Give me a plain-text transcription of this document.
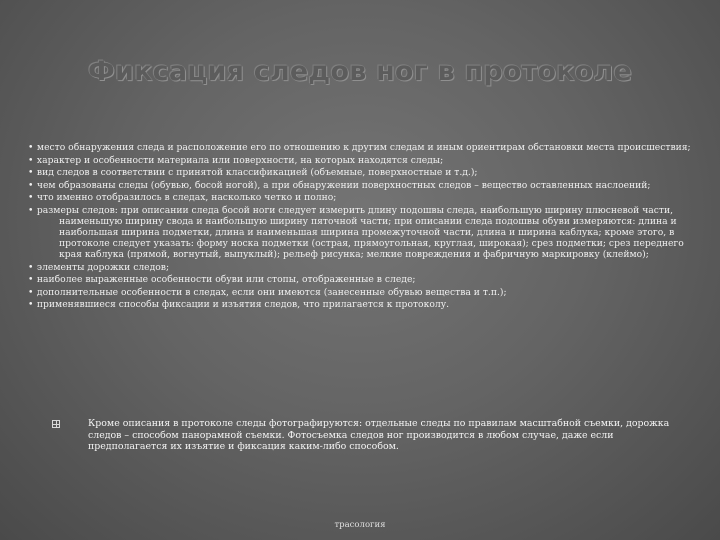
Фиксация следов ног в протоколе
• место обнаружения следа и расположение его по отношению к другим следам и иным ориентирам обстановки места происшествия;
• характер и особенности материала или поверхности, на которых находятся следы;
• вид следов в соответствии с принятой классификацией (объемные, поверхностные и т.д.);
• чем образованы следы (обувью, босой ногой), а при обнаружении поверхностных следов – вещество оставленных наслоений;
• что именно отобразилось в следах, насколько четко и полно;
• размеры следов: при описании следа босой ноги следует измерить длину подошвы следа, наибольшую ширину плюсневой части, наименьшую ширину свода и наибольшую ширину пяточной части; при описании следа подошвы обуви измеряются: длина и наибольшая ширина подметки, длина и наименьшая ширина промежуточной части, длина и ширина каблука; кроме этого, в протоколе следует указать: форму носка подметки (острая, прямоугольная, круглая, широкая); срез подметки; срез переднего края каблука (прямой, вогнутый, выпуклый); рельеф рисунка; мелкие повреждения и фабричную маркировку (клеймо);
• элементы дорожки следов;
• наиболее выраженные особенности обуви или стопы, отображенные в следе;
• дополнительные особенности в следах, если они имеются (занесенные обувью вещества и т.п.);
• применявшиеся способы фиксации и изъятия следов, что прилагается к протоколу.
Кроме описания в протоколе следы фотографируются: отдельные следы по правилам масштабной съемки, дорожка следов – способом панорамной съемки. Фотосъемка следов ног производится в любом случае, даже если предполагается их изъятие и фиксация каким-либо способом.
трасология
